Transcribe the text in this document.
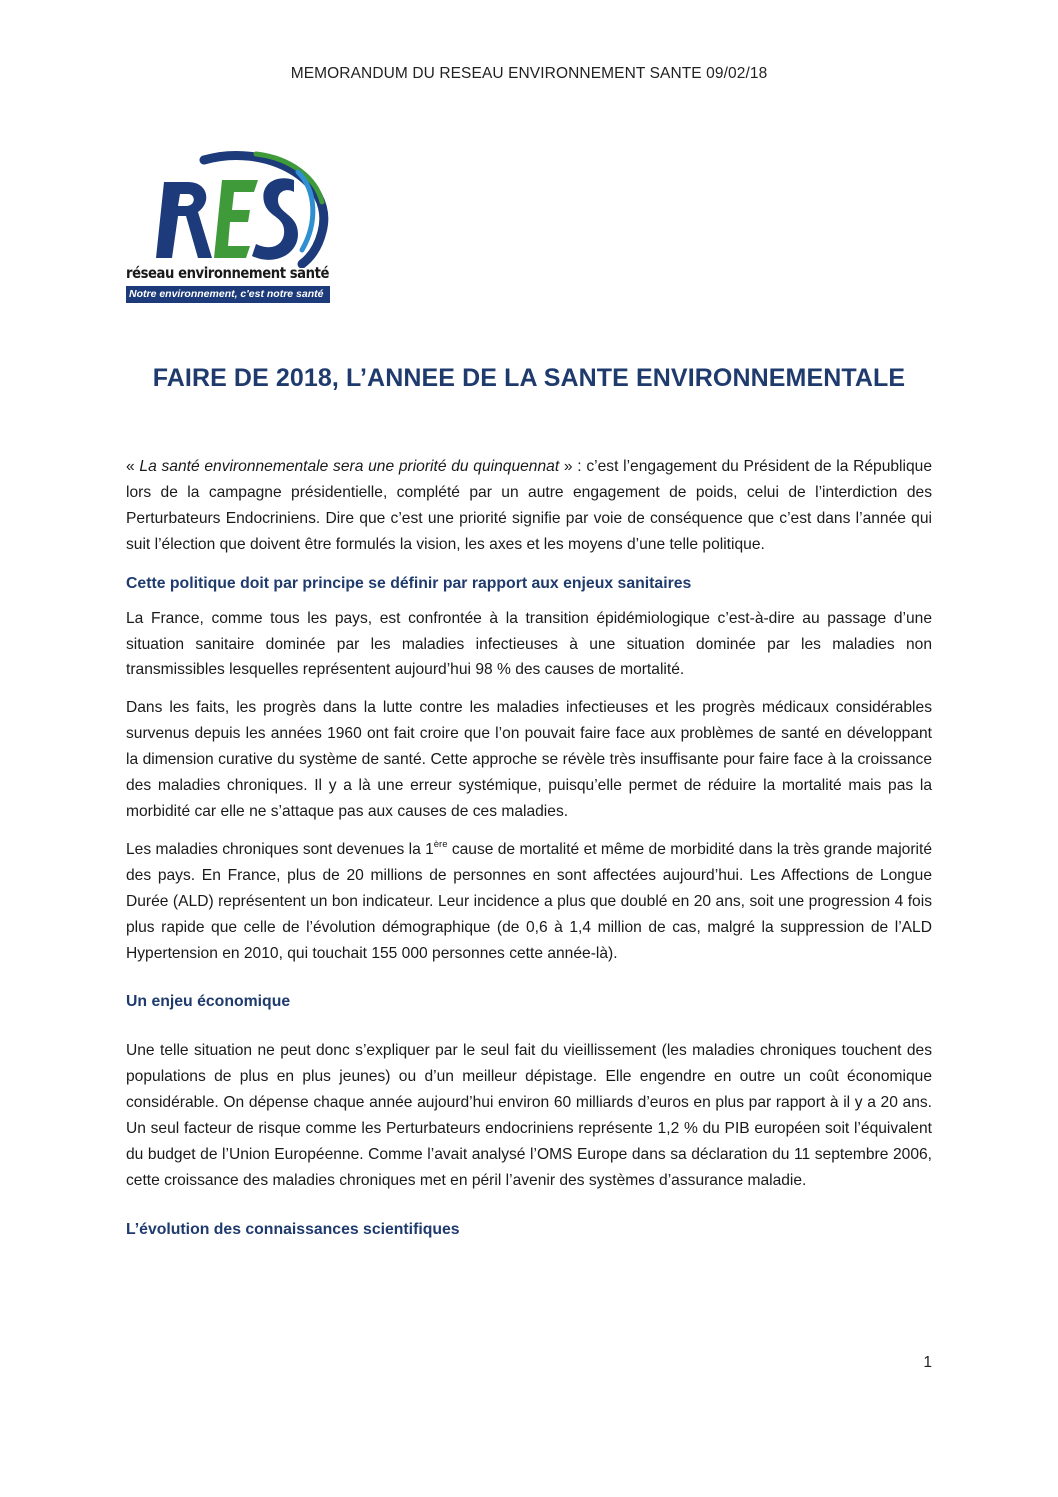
MEMORANDUM DU RESEAU ENVIRONNEMENT SANTE 09/02/18
réseau environnement santé
Notre environnement, c'est notre santé
FAIRE DE 2018, L’ANNEE DE LA SANTE ENVIRONNEMENTALE

« La santé environnementale sera une priorité du quinquennat » : c’est l’engagement du Président de la République lors de la campagne présidentielle, complété par un autre engagement de poids, celui de l’interdiction des Perturbateurs Endocriniens. Dire que c’est une priorité signifie par voie de conséquence que c’est dans l’année qui suit l’élection que doivent être formulés la vision, les axes et les moyens d’une telle politique.

Cette politique doit par principe se définir par rapport aux enjeux sanitaires

La France, comme tous les pays, est confrontée à la transition épidémiologique c’est-à-dire au passage d’une situation sanitaire dominée par les maladies infectieuses à une situation dominée par les maladies non transmissibles lesquelles représentent aujourd’hui 98 % des causes de mortalité.

Dans les faits, les progrès dans la lutte contre les maladies infectieuses et les progrès médicaux considérables survenus depuis les années 1960 ont fait croire que l’on pouvait faire face aux problèmes de santé en développant la dimension curative du système de santé. Cette approche se révèle très insuffisante pour faire face à la croissance des maladies chroniques. Il y a là une erreur systémique, puisqu’elle permet de réduire la mortalité mais pas la morbidité car elle ne s’attaque pas aux causes de ces maladies.

Les maladies chroniques sont devenues la 1ère cause de mortalité et même de morbidité dans la très grande majorité des pays. En France, plus de 20 millions de personnes en sont affectées aujourd’hui. Les Affections de Longue Durée (ALD) représentent un bon indicateur. Leur incidence a plus que doublé en 20 ans, soit une progression 4 fois plus rapide que celle de l’évolution démographique (de 0,6 à 1,4 million de cas, malgré la suppression de l’ALD Hypertension en 2010, qui touchait 155 000 personnes cette année-là).

Un enjeu économique

Une telle situation ne peut donc s’expliquer par le seul fait du vieillissement (les maladies chroniques touchent des populations de plus en plus jeunes) ou d’un meilleur dépistage. Elle engendre en outre un coût économique considérable. On dépense chaque année aujourd’hui environ 60 milliards d’euros en plus par rapport à il y a 20 ans. Un seul facteur de risque comme les Perturbateurs endocriniens représente 1,2 % du PIB européen soit l’équivalent du budget de l’Union Européenne. Comme l’avait analysé l’OMS Europe dans sa déclaration du 11 septembre 2006, cette croissance des maladies chroniques met en péril l’avenir des systèmes d’assurance maladie.

L’évolution des connaissances scientifiques
1
